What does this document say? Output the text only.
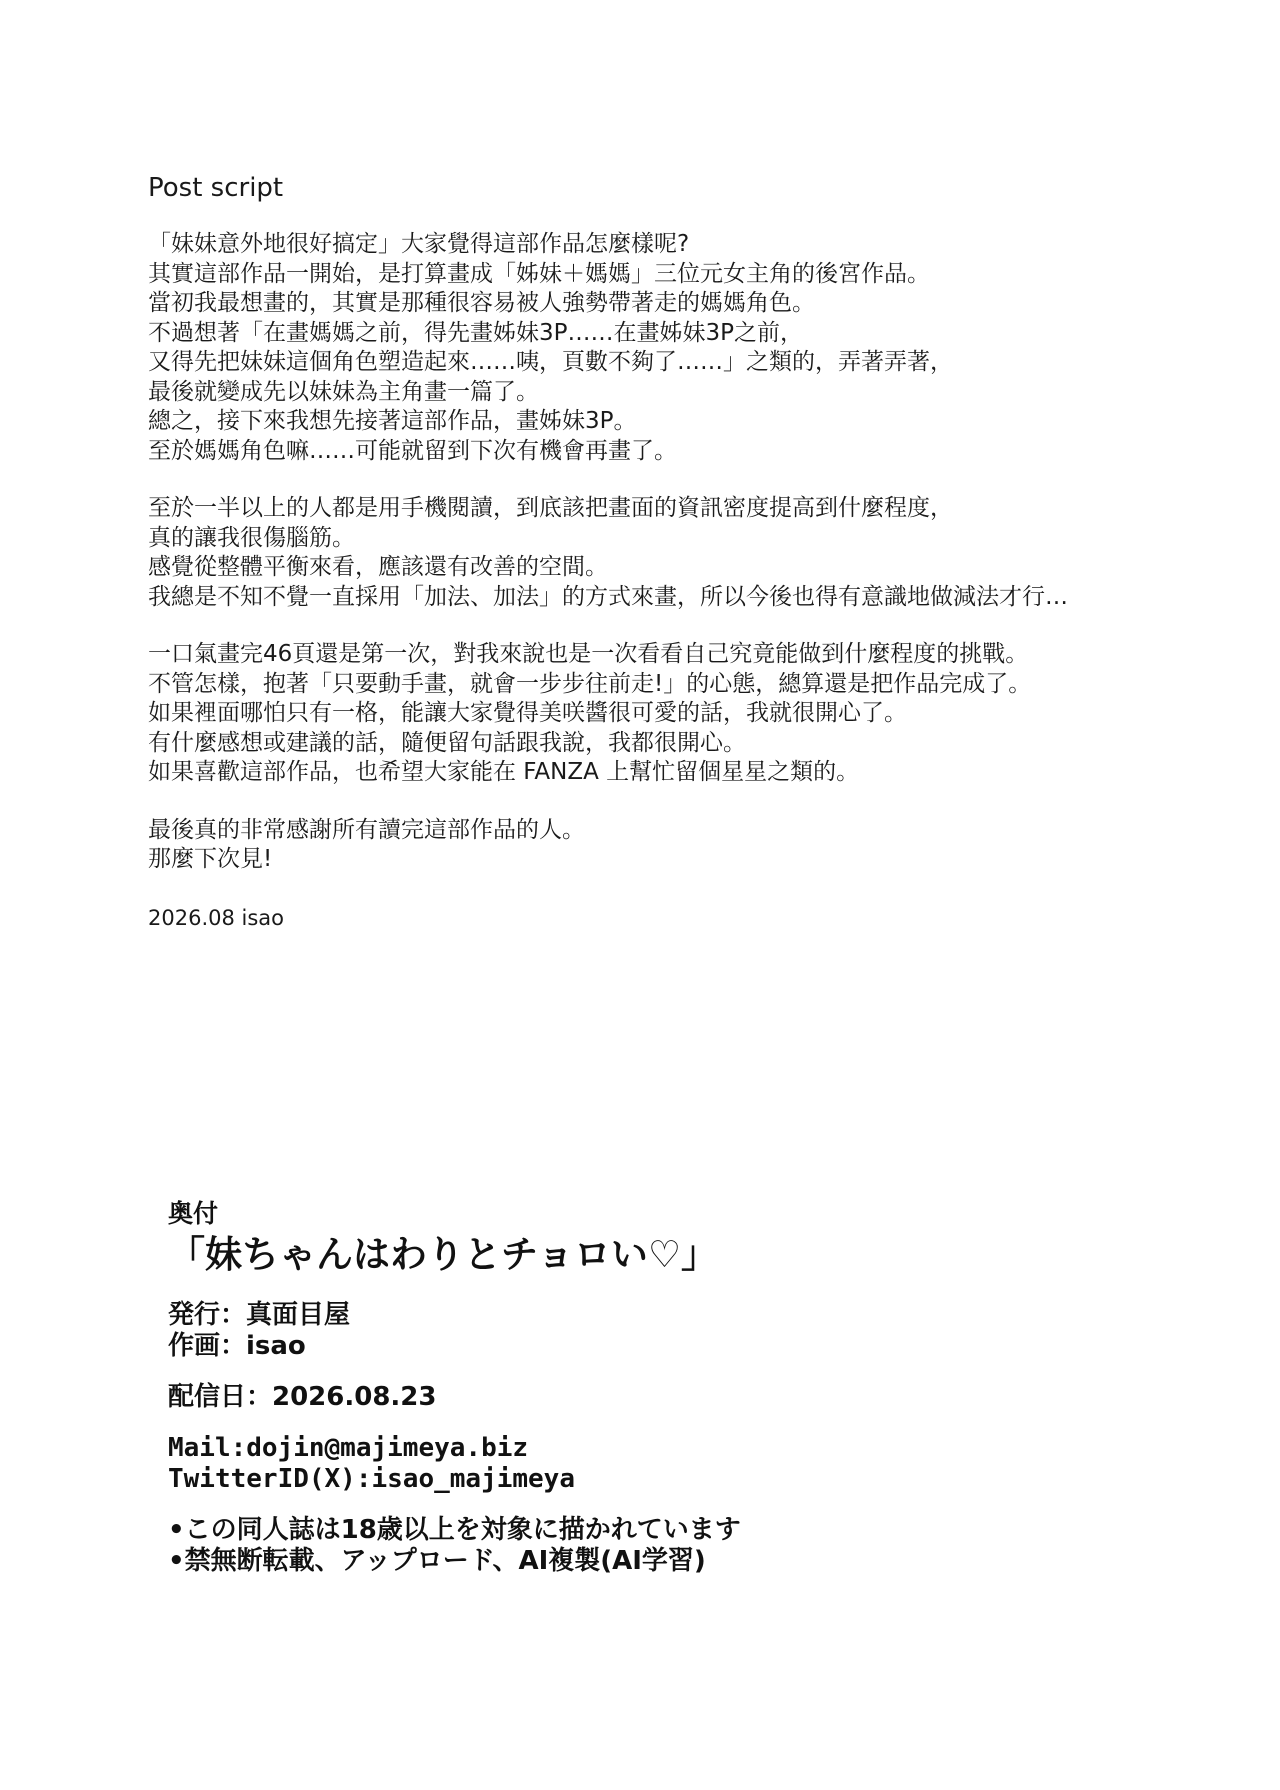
Post script
「妹妹意外地很好搞定」大家覺得這部作品怎麼樣呢?
其實這部作品一開始，是打算畫成「姊妹＋媽媽」三位元女主角的後宮作品。
當初我最想畫的，其實是那種很容易被人強勢帶著走的媽媽角色。
不過想著「在畫媽媽之前，得先畫姊妹3P……在畫姊妹3P之前，
又得先把妹妹這個角色塑造起來……咦，頁數不夠了……」之類的，弄著弄著，
最後就變成先以妹妹為主角畫一篇了。
總之，接下來我想先接著這部作品，畫姊妹3P。
至於媽媽角色嘛……可能就留到下次有機會再畫了。
至於一半以上的人都是用手機閱讀，到底該把畫面的資訊密度提高到什麼程度，
真的讓我很傷腦筋。
感覺從整體平衡來看，應該還有改善的空間。
我總是不知不覺一直採用「加法、加法」的方式來畫，所以今後也得有意識地做減法才行…
一口氣畫完46頁還是第一次，對我來說也是一次看看自己究竟能做到什麼程度的挑戰。
不管怎樣，抱著「只要動手畫，就會一步步往前走!」的心態，總算還是把作品完成了。
如果裡面哪怕只有一格，能讓大家覺得美咲醬很可愛的話，我就很開心了。
有什麼感想或建議的話，隨便留句話跟我說，我都很開心。
如果喜歡這部作品，也希望大家能在 FANZA 上幫忙留個星星之類的。
最後真的非常感謝所有讀完這部作品的人。
那麼下次見!
2026.08 isao
奥付
「妹ちゃんはわりとチョロい♡」
発行：真面目屋
作画：isao
配信日：2026.08.23
Mail:dojin@majimeya.biz
TwitterID(X):isao_majimeya
•この同人誌は18歳以上を対象に描かれています
•禁無断転載、アップロード、AI複製(AI学習)
